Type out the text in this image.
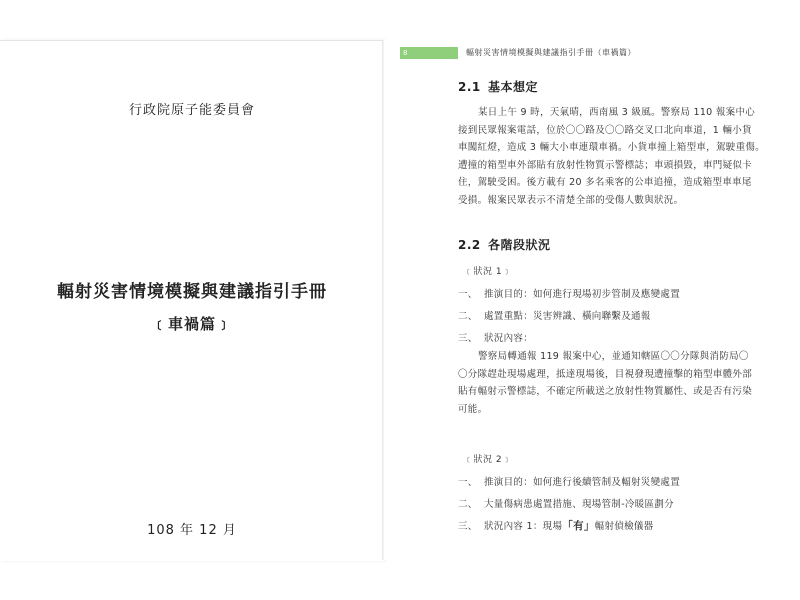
行政院原子能委員會
輻射災害情境模擬與建議指引手冊
﹝車禍篇﹞
108 年 12 月
8	輻射災害情境模擬與建議指引手冊（車禍篇）
2.1 基本想定
某日上午 9 時，天氣晴，西南風 3 級風。警察局 110 報案中心
接到民眾報案電話，位於〇〇路及〇〇路交叉口北向車道，1 輛小貨
車闖紅燈，造成 3 輛大小車連環車禍。小貨車撞上箱型車，駕駛重傷。
遭撞的箱型車外部貼有放射性物質示警標誌；車頭損毀，車門疑似卡
住，駕駛受困。後方載有 20 多名乘客的公車追撞，造成箱型車車尾
受損。報案民眾表示不清楚全部的受傷人數與狀況。
2.2 各階段狀況
﹝狀況 1﹞
一、 推演目的：如何進行現場初步管制及應變處置
二、 處置重點：災害辨識、橫向聯繫及通報
三、 狀況內容：
警察局轉通報 119 報案中心，並通知轄區〇〇分隊與消防局〇
〇分隊趕赴現場處理，抵達現場後，目視發現遭撞擊的箱型車體外部
貼有輻射示警標誌，不確定所載送之放射性物質屬性、或是否有污染
可能。
﹝狀況 2﹞
一、 推演目的：如何進行後續管制及輻射災變處置
二、 大量傷病患處置措施、現場管制-冷暖區劃分
三、 狀況內容 1：現場「有」輻射偵檢儀器
